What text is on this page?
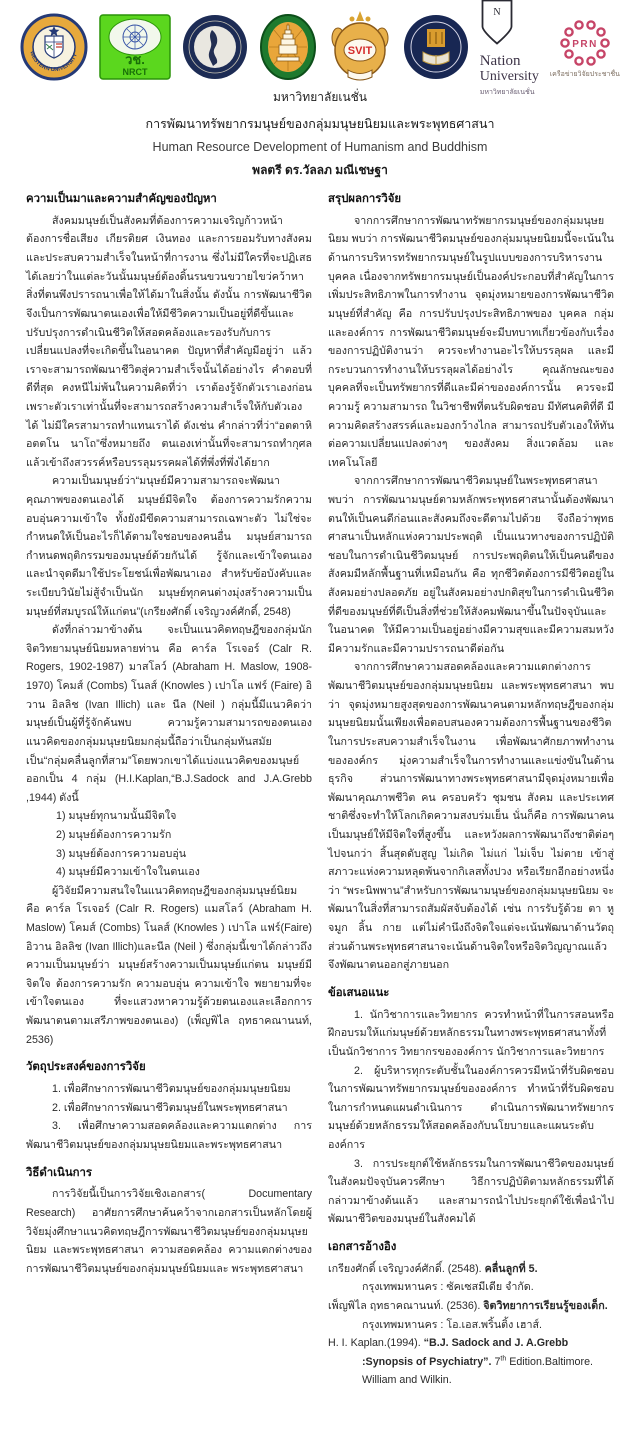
WESTERN UNIVERSITY	วช.
NRCT
SVIT
N
Nation
University
มหาวิทยาลัยเนชั่น
PRN
เครือข่ายวิจัยประชาชื่น
มหาวิทยาลัยเนชั่น
การพัฒนาทรัพยากรมนุษย์ของกลุ่มมนุษยนิยมและพระพุทธศาสนา
Human Resource Development of Humanism and Buddhism
พลตรี ดร.วัลลภ มณีเชษฐา
ความเป็นมาและความสำคัญของปัญหา

สังคมมนุษย์เป็นสังคมที่ต้องการความเจริญก้าวหน้า ต้องการชื่อเสียง เกียรติยศ เงินทอง และการยอมรับทางสังคมและประสบความสำเร็จในหน้าที่การงาน ซึ่งไม่มีใครที่จะปฏิเสธได้เลยว่าในแต่ละวันนั้นมนุษย์ต้องดิ้นรนขวนขวายไขว่คว้าหาสิ่งที่ตนพึงปรารถนาเพื่อให้ได้มาในสิ่งนั้น ดังนั้น การพัฒนาชีวิตจึงเป็นการพัฒนาตนเองเพื่อให้มีชีวิตความเป็นอยู่ที่ดีขึ้นและปรับปรุงการดำเนินชีวิตให้สอดคล้องและรองรับกับการเปลี่ยนแปลงที่จะเกิดขึ้นในอนาคต ปัญหาที่สำคัญมีอยู่ว่า แล้วเราจะสามารถพัฒนาชีวิตสู่ความสำเร็จนั้นได้อย่างไร คำตอบที่ดีที่สุด คงหนีไม่พ้นในความคิดที่ว่า เราต้องรู้จักตัวเราเองก่อน เพราะตัวเราเท่านั้นที่จะสามารถสร้างความสำเร็จให้กับตัวเองได้ ไม่มีใครสามารถทำแทนเราได้ ดังเช่น คำกล่าวที่ว่า“อตตาหิ อตตโน นาโถ”ซึ่งหมายถึง ตนเองเท่านั้นที่จะสามารถทำกุศลแล้วเข้าถึงสวรรค์หรือบรรลุมรรคผลได้ที่พึ่งที่พึ่งได้ยาก

ความเป็นมนุษย์ว่า“มนุษย์มีความสามารถจะพัฒนาคุณภาพของตนเองได้ มนุษย์มีจิตใจ ต้องการความรักความอบอุ่นความเข้าใจ ทั้งยังมีขีดความสามารถเฉพาะตัว ไม่ใช่จะกำหนดให้เป็นอะไรก็ได้ตามใจชอบของคนอื่น มนุษย์สามารถกำหนดพฤติกรรมของมนุษย์ด้วยกันได้ รู้จักและเข้าใจตนเอง และนำจุดดีมาใช้ประโยชน์เพื่อพัฒนาเอง สำหรับข้อบังคับและระเบียบวินัยไม่สู้จำเป็นนัก มนุษย์ทุกคนต่างมุ่งสร้างความเป็นมนุษย์ที่สมบูรณ์ให้แก่ตน”(เกรียงศักดิ์ เจริญวงค์ศักดิ์, 2548)

ดังที่กล่าวมาข้างต้น จะเป็นแนวคิดทฤษฎีของกลุ่มนักจิตวิทยามนุษย์นิยมหลายท่าน คือ คาร์ล โรเจอร์ (Calr R. Rogers, 1902-1987) มาสโลว์ (Abraham H. Maslow, 1908-1970) โคมส์ (Combs) โนลส์ (Knowles ) เปาโล แฟร์ (Faire) อิวาน อิลลิช (Ivan Illich) และ นีล (Neil ) กลุ่มนี้มีแนวคิดว่า มนุษย์เป็นผู้ที่รู้จักค้นพบ ความรู้ความสามารถของตนเอง แนวคิดของกลุ่มมนุษยนิยมกลุ่มนี้ถือว่าเป็นกลุ่มทันสมัยเป็น“กลุ่มคลื่นลูกที่สาม”โดยพวกเขาได้แบ่งแนวคิดของมนุษย์ออกเป็น 4 กลุ่ม (H.I.Kaplan,“B.J.Sadock and J.A.Grebb ,1944) ดังนี้

1) มนุษย์ทุกนามนั้นมีจิตใจ

2) มนุษย์ต้องการความรัก

3) มนุษย์ต้องการความอบอุ่น

4) มนุษย์มีความเข้าใจในตนเอง

ผู้วิจัยมีความสนใจในแนวคิดทฤษฎีของกลุ่มมนุษย์นิยม คือ คาร์ล โรเจอร์ (Calr R. Rogers) แมสโลว์ (Abraham H. Maslow) โคมส์ (Combs) โนลส์ (Knowles ) เปาโล แฟร์(Faire) อิวาน อิลลิช (Ivan Illich)และนีล (Neil ) ซึ่งกลุ่มนี้เขาได้กล่าวถึงความเป็นมนุษย์ว่า มนุษย์สร้างความเป็นมนุษย์แก่ตน มนุษย์มีจิตใจ ต้องการความรัก ความอบอุ่น ความเข้าใจ พยายามที่จะเข้าใจตนเอง ที่จะแสวงหาความรู้ด้วยตนเองและเลือกการพัฒนาตนตามเสรีภาพของตนเอง) (เพ็ญพิไล ฤทธาคณานนท์, 2536)

วัตถุประสงค์ของการวิจัย

1. เพื่อศึกษาการพัฒนาชีวิตมนุษย์ของกลุ่มมนุษยนิยม

2. เพื่อศึกษาการพัฒนาชีวิตมนุษย์ในพระพุทธศาสนา

3. เพื่อศึกษาความสอดคล้องและความแตกต่าง การพัฒนาชีวิตมนุษย์ของกลุ่มมนุษยนิยมและพระพุทธศาสนา

วิธีดำเนินการ

การวิจัยนี้เป็นการวิจัยเชิงเอกสาร( Documentary Research) อาศัยการศึกษาค้นคว้าจากเอกสารเป็นหลักโดยผู้วิจัยมุ่งศึกษาแนวคิดทฤษฎีการพัฒนาชีวิตมนุษย์ของกลุ่มมนุษยนิยม และพระพุทธศาสนา ความสอดคล้อง ความแตกต่างของการพัฒนาชีวิตมนุษย์ของกลุ่มมนุษย์นิยมและ พระพุทธศาสนา

สรุปผลการวิจัย

จากการศึกษาการพัฒนาทรัพยากรมนุษย์ของกลุ่มมนุษยนิยม พบว่า การพัฒนาชีวิตมนุษย์ของกลุ่มมนุษยนิยมนี้จะเน้นในด้านการบริหารทรัพยากรมนุษย์ในรูปแบบของการบริหารงานบุคคล เนื่องจากทรัพยากรมนุษย์เป็นองค์ประกอบที่สำคัญในการเพิ่มประสิทธิภาพในการทำงาน จุดมุ่งหมายของการพัฒนาชีวิตมนุษย์ที่สำคัญ คือ การปรับปรุงประสิทธิภาพของ บุคคล กลุ่ม และองค์การ การพัฒนาชีวิตมนุษย์จะมีบทบาทเกี่ยวข้องกับเรื่องของการปฏิบัติงานว่า ควรจะทำงานอะไรให้บรรลุผล และมีกระบวนการทำงานให้บรรลุผลได้อย่างไร คุณลักษณะของบุคคลที่จะเป็นทรัพยากรที่ดีและมีค่าขององค์การนั้น ควรจะมีความรู้ ความสามารถ ในวิชาชีพที่ตนรับผิดชอบ มีทัศนคติที่ดี มีความคิดสร้างสรรค์และมองกว้างไกล สามารถปรับตัวเองให้ทันต่อความเปลี่ยนแปลงต่างๆ ของสังคม สิ่งแวดล้อม และ เทคโนโลยี

จากการศึกษาการพัฒนาชีวิตมนุษย์ในพระพุทธศาสนา พบว่า การพัฒนามนุษย์ตามหลักพระพุทธศาสนานั้นต้องพัฒนาตนให้เป็นคนดีก่อนและสังคมถึงจะดีตามไปด้วย จึงถือว่าพุทธศาสนาเป็นหลักแห่งความประพฤติ เป็นแนวทางของการปฏิบัติชอบในการดำเนินชีวิตมนุษย์ การประพฤติตนให้เป็นคนดีของสังคมมีหลักพื้นฐานที่เหมือนกัน คือ ทุกชีวิตต้องการมีชีวิตอยู่ในสังคมอย่างปลอดภัย อยู่ในสังคมอย่างปกติสุขในการดำเนินชีวิตที่ดีของมนุษย์ที่ดีเป็นสิ่งที่ช่วยให้สังคมพัฒนาขึ้นในปัจจุบันและในอนาคต ให้มีความเป็นอยู่อย่างมีความสุขและมีความสมหวัง มีความรักและมีความปรารถนาดีต่อกัน

จากการศึกษาความสอดคล้องและความแตกต่างการพัฒนาชีวิตมนุษย์ของกลุ่มมนุษยนิยม และพระพุทธศาสนา พบว่า จุดมุ่งหมายสูงสุดของการพัฒนาคนตามหลักทฤษฎีของกลุ่มมนุษยนิยมนั้นเพียงเพื่อตอบสนองความต้องการพื้นฐานของชีวิตในการประสบความสำเร็จในงาน เพื่อพัฒนาศักยภาพทำงานขององค์กร มุ่งความสำเร็จในการทำงานและแข่งขันในด้านธุรกิจ ส่วนการพัฒนาทางพระพุทธศาสนามีจุดมุ่งหมายเพื่อพัฒนาคุณภาพชีวิต คน ครอบครัว ชุมชน สังคม และประเทศชาติซึ่งจะทำให้โลกเกิดความสงบร่มเย็น นั่นก็คือ การพัฒนาคนเป็นมนุษย์ให้มีจิตใจที่สูงขึ้น และหวังผลการพัฒนาถึงชาติต่อๆไปจนกว่า สิ้นสุดดับสูญ ไม่เกิด ไม่แก่ ไม่เจ็บ ไม่ตาย เข้าสู่สภาวะแห่งความหลุดพ้นจากกิเลสทั้งปวง หรือเรียกอีกอย่างหนึ่งว่า “พระนิพพาน”สำหรับการพัฒนามนุษย์ของกลุ่มมนุษยนิยม จะพัฒนาในสิ่งที่สามารถสัมผัสจับต้องได้ เช่น การรับรู้ด้วย ตา หู จมูก ลิ้น กาย แต่ไม่คำนึงถึงจิตใจแต่จะเน้นพัฒนาด้านวัตถุ ส่วนด้านพระพุทธศาสนาจะเน้นด้านจิตใจหรือจิตวิญญาณแล้วจึงพัฒนาตนออกสู่ภายนอก

ข้อเสนอแนะ

1. นักวิชาการและวิทยากร ควรทำหน้าที่ในการสอนหรือฝึกอบรมให้แก่มนุษย์ด้วยหลักธรรมในทางพระพุทธศาสนาทั้งที่เป็นนักวิชาการ วิทยากรขององค์การ นักวิชาการและวิทยากร

2. ผู้บริหารทุกระดับชั้นในองค์การควรมีหน้าที่รับผิดชอบในการพัฒนาทรัพยากรมนุษย์ขององค์การ ทำหน้าที่รับผิดชอบในการกำหนดแผนดำเนินการ ดำเนินการพัฒนาทรัพยากรมนุษย์ด้วยหลักธรรมให้สอดคล้องกับนโยบายและแผนระดับองค์การ

3. การประยุกต์ใช้หลักธรรมในการพัฒนาชีวิตของมนุษย์ในสังคมปัจจุบันควรศึกษา วิธีการปฏิบัติตามหลักธรรมที่ได้กล่าวมาข้างต้นแล้ว และสามารถนำไปประยุกต์ใช้เพื่อนำไปพัฒนาชีวิตของมนุษย์ในสังคมได้

เอกสารอ้างอิง

เกรียงศักดิ์ เจริญวงค์ศักดิ์. (2548). คลื่นลูกที่ 5. กรุงเทพมหานคร : ซัคเซสมีเดีย จำกัด.

เพ็ญพิไล ฤทธาคณานนท์. (2536). จิตวิทยาการเรียนรู้ของเด็ก. กรุงเทพมหานคร : โอ.เอส.พริ้นติ้ง เฮาส์.

H. I. Kaplan.(1994). “B.J. Sadock and J. A.Grebb :Synopsis of Psychiatry”. 7th Edition.Baltimore. William and Wilkin.
